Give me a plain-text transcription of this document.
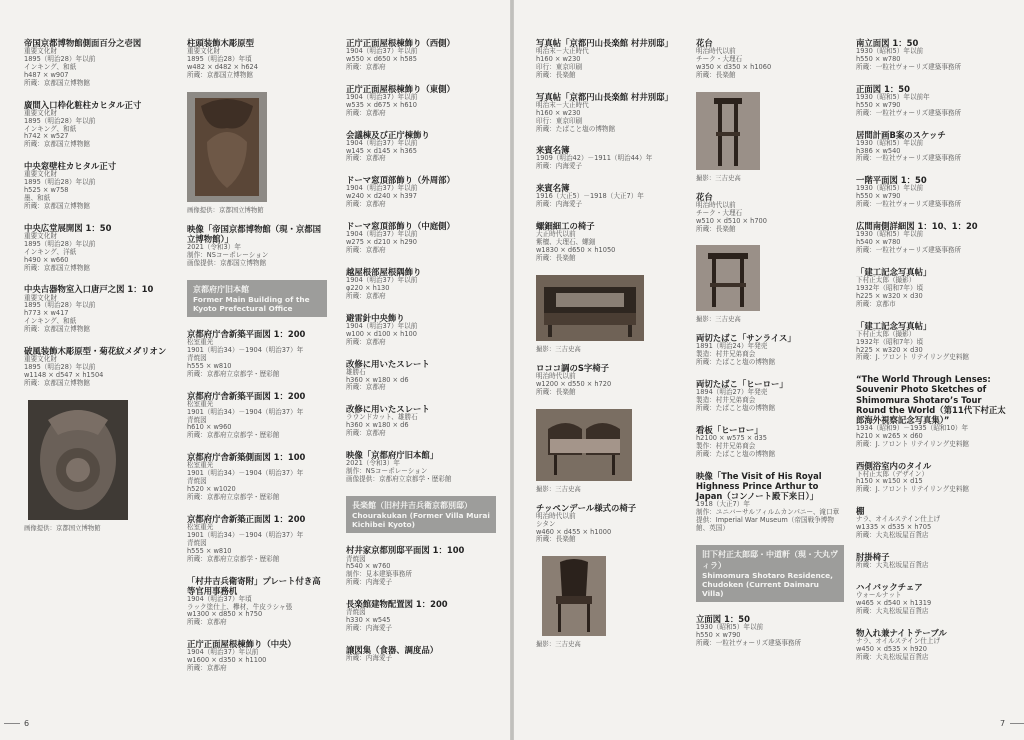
帝国京都博物館側面百分之壱図
重要文化財
1895（明治28）年以前
インキング、和紙
h487 × w907
所蔵：京都国立博物館
廣間入口枠化粧柱カヒタル正寸
重要文化財
1895（明治28）年以前
インキング、和紙
h742 × w527
所蔵：京都国立博物館
中央窓壁柱カヒタル正寸
重要文化財
1895（明治28）年以前
h525 × w758
墨、和紙
所蔵：京都国立博物館
中央広堂展開図 1：50
重要文化財
1895（明治28）年以前
インキング、洋紙
h490 × w660
所蔵：京都国立博物館
中央古器物室入口唐戸之図 1：10
重要文化財
1895（明治28）年以前
h773 × w417
インキング、和紙
所蔵：京都国立博物館
破風装飾木彫原型・菊花紋メダリオン
重要文化財
1895（明治28）年以前
w1148 × d547 × h1504
所蔵：京都国立博物館
画像提供：京都国立博物館
柱頭装飾木彫原型
重要文化財
1895（明治28）年頃
w482 × d482 × h624
所蔵：京都国立博物館
画像提供：京都国立博物館
映像「帝国京都博物館（現・京都国立博物館）」
2021（令和3）年
制作：NSコーポレーション
画像提供：京都国立博物館
京都府庁旧本館
Former Main Building of the Kyoto Prefectural Office
京都府庁舎新築平面図 1：200
松室重光
1901（明治34）－1904（明治37）年
青焼図
h555 × w810
所蔵：京都府立京都学・歴彩館
京都府庁舎新築平面図 1：200
松室重光
1901（明治34）－1904（明治37）年
青焼図
h610 × w960
所蔵：京都府立京都学・歴彩館
京都府庁舎新築側面図 1：100
松室重光
1901（明治34）－1904（明治37）年
青焼図
h520 × w1020
所蔵：京都府立京都学・歴彩館
京都府庁舎新築正面図 1：200
松室重光
1901（明治34）－1904（明治37）年
青焼図
h555 × w810
所蔵：京都府立京都学・歴彩館
「村井吉兵衛寄附」プレート付き高等官用事務机
1904（明治37）年頃
ラック塗仕上、欅材、牛皮ラシャ張
w1300 × d850 × h750
所蔵：京都府
正庁正面屋根棟飾り（中央）
1904（明治37）年以前
w1600 × d350 × h1100
所蔵：京都府
正庁正面屋根棟飾り（西側）
1904（明治37）年以前
w550 × d650 × h585
所蔵：京都府
正庁正面屋根棟飾り（東側）
1904（明治37）年以前
w535 × d675 × h610
所蔵：京都府
会議棟及び正庁棟飾り
1904（明治37）年以前
w145 × d145 × h365
所蔵：京都府
ドーマ窓頂部飾り（外周部）
1904（明治37）年以前
w240 × d240 × h397
所蔵：京都府
ドーマ窓頂部飾り（中庭側）
1904（明治37）年以前
w275 × d210 × h290
所蔵：京都府
越屋根部屋根隅飾り
1904（明治37）年以前
φ220 × h130
所蔵：京都府
避雷針中央飾り
1904（明治37）年以前
w100 × d100 × h100
所蔵：京都府
改修に用いたスレート
雄勝石
h360 × w180 × d6
所蔵：京都府
改修に用いたスレート
ラウンドカット、雄勝石
h360 × w180 × d6
所蔵：京都府
映像「京都府庁旧本館」
2021（令和3）年
制作：NSコーポレーション
画像提供：京都府立京都学・歴彩館
長楽館（旧村井吉兵衛京都別邸）
Chourakukan (Former Villa Murai Kichibei Kyoto)
村井家京都別邸平面図 1：100
青焼図
h540 × w760
制作：見本建築事務所
所蔵：内海愛子
長楽館建物配置図 1：200
青焼図
h330 × w545
所蔵：内海愛子
譲図集（食器、調度品）
所蔵：内海愛子
6
写真帖「京都円山長楽館 村井別邸」
明治末－大正時代
h160 × w230
印行：東京印刷
所蔵：長楽館
写真帖「京都円山長楽館 村井別邸」
明治末－大正時代
h160 × w230
印行：東京印刷
所蔵：たばこと塩の博物館
来賓名簿
1909（明治42）－1911（明治44）年
所蔵：内海愛子
来賓名簿
1916（大正5）－1918（大正7）年
所蔵：内海愛子
螺鈿細工の椅子
大正時代以前
紫檀、大理石、螺鈿
w1830 × d650 × h1050
所蔵：長楽館
撮影：三吉史高
ロココ調のS字椅子
明治時代以前
w1200 × d550 × h720
所蔵：長楽館
撮影：三吉史高
チッペンデール様式の椅子
明治時代以前
シタン
w460 × d455 × h1000
所蔵：長楽館
撮影：三吉史高
花台
明治時代以前
チーク・大理石
w350 × d350 × h1060
所蔵：長楽館
撮影：三吉史高
花台
明治時代以前
チーク・大理石
w510 × d510 × h700
所蔵：長楽館
撮影：三吉史高
両切たばこ「サンライス」
1891（明治24）年発売
製造：村井兄弟商会
所蔵：たばこと塩の博物館
両切たばこ「ヒーロー」
1894（明治27）年発売
製造：村井兄弟商会
所蔵：たばこと塩の博物館
看板「ヒーロー」
h2100 × w575 × d35
製作：村井兄弟商会
所蔵：たばこと塩の博物館
映像「The Visit of His Royal Highness Prince Arthur to Japan（コンノート殿下来日）」
1918（大正7）年
制作：ユニバーサルフィルムカンパニー、滝口章
提供：Imperial War Museum（帝国戦争博物館、英国）
旧下村正太郎邸・中道軒（現・大丸ヴィラ）
Shimomura Shotaro Residence, Chudoken (Current Daimaru Villa)
立面図 1：50
1930（昭和5）年以前
h550 × w790
所蔵：一粒社ヴォーリズ建築事務所
南立面図 1：50
1930（昭和5）年以前
h550 × w780
所蔵：一粒社ヴォーリズ建築事務所
正面図 1：50
1930（昭和5）年以前年
h550 × w790
所蔵：一粒社ヴォーリズ建築事務所
居間計画B案のスケッチ
1930（昭和5）年以前
h386 × w540
所蔵：一粒社ヴォーリズ建築事務所
一階平面図 1：50
1930（昭和5）年以前
h550 × w790
所蔵：一粒社ヴォーリズ建築事務所
広間南側詳細図 1：10、1：20
1930（昭和5）年以前
h540 × w780
所蔵：一粒社ヴォーリズ建築事務所
「建工記念写真帖」
下村正太郎（撮影）
1932年（昭和7年）頃
h225 × w320 × d30
所蔵：京都市
「建工記念写真帖」
下村正太郎（撮影）
1932年（昭和7年）頃
h225 × w320 × d30
所蔵：J. フロント リテイリング史料館
“The World Through Lenses: Souvenir Photo Sketches of Shimomura Shotaro’s Tour Round the World（第11代下村正太郎海外視察記念写真集）”
1934（昭和9）－1935（昭和10）年
h210 × w265 × d60
所蔵：J. フロント リテイリング史料館
西側浴室内のタイル
下村正太郎（デザイン）
h150 × w150 × d15
所蔵：J. フロント リテイリング史料館
棚
ナラ、オイルステイン仕上げ
w1335 × d535 × h705
所蔵：大丸松坂屋百貨店
肘掛椅子
所蔵：大丸松坂屋百貨店
ハイバックチェア
ウォールナット
w465 × d540 × h1319
所蔵：大丸松坂屋百貨店
物入れ兼ナイトテーブル
ナラ、オイルステイン仕上げ
w450 × d535 × h920
所蔵：大丸松坂屋百貨店
7
